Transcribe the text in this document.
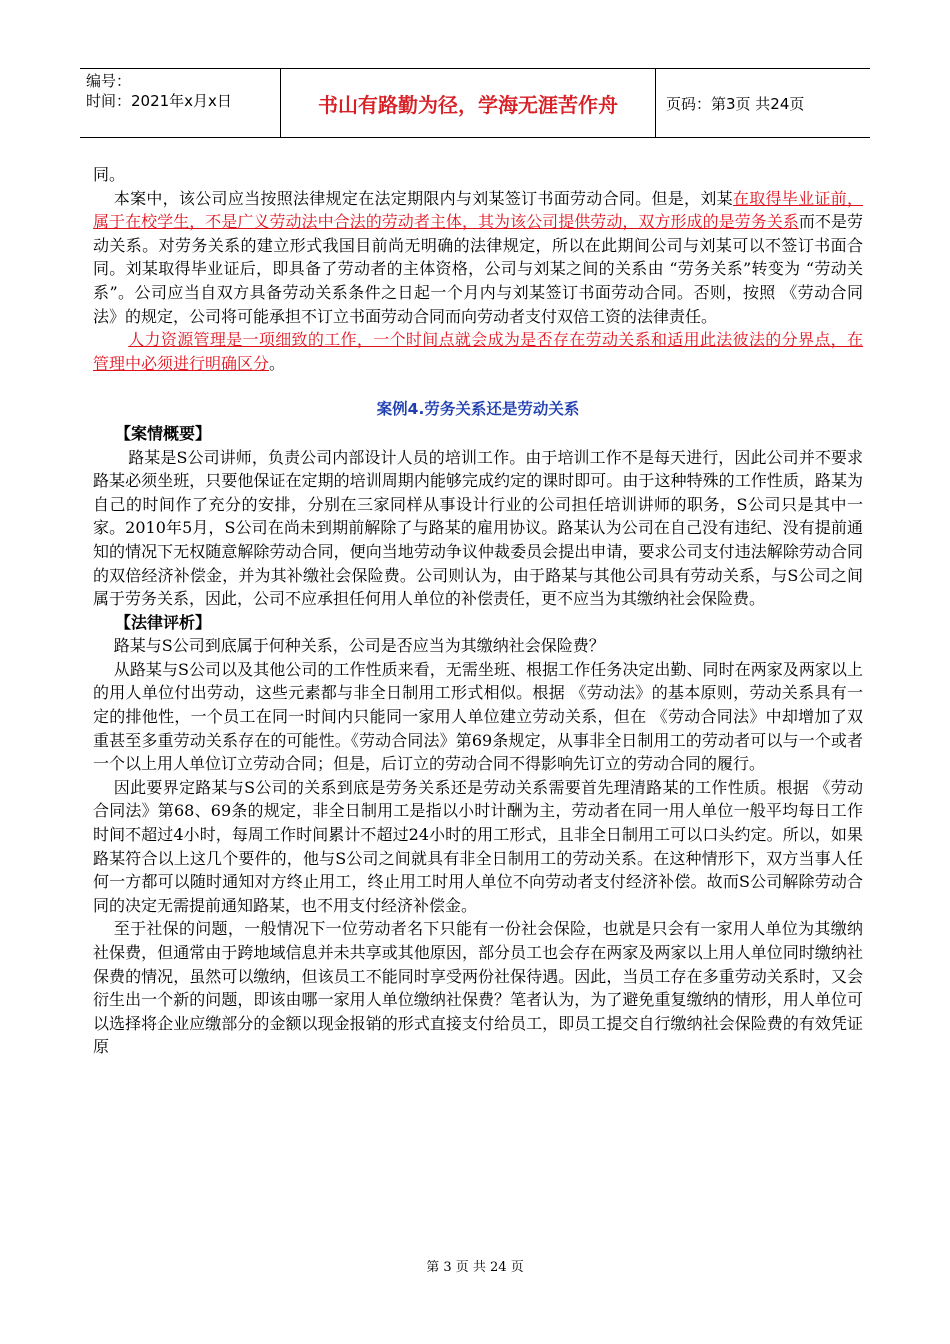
编号：
时间：2021年x月x日	书山有路勤为径，学海无涯苦作舟	页码：第3页 共24页

同。

本案中，该公司应当按照法律规定在法定期限内与刘某签订书面劳动合同。但是，刘某在取得毕业证前，属于在校学生，不是广义劳动法中合法的劳动者主体，其为该公司提供劳动，双方形成的是劳务关系而不是劳动关系。对劳务关系的建立形式我国目前尚无明确的法律规定，所以在此期间公司与刘某可以不签订书面合同。刘某取得毕业证后，即具备了劳动者的主体资格，公司与刘某之间的关系由 “劳务关系”转变为 “劳动关系”。公司应当自双方具备劳动关系条件之日起一个月内与刘某签订书面劳动合同。否则，按照 《劳动合同法》的规定，公司将可能承担不订立书面劳动合同而向劳动者支付双倍工资的法律责任。

人力资源管理是一项细致的工作，一个时间点就会成为是否存在劳动关系和适用此法彼法的分界点，在管理中必须进行明确区分。

案例4.劳务关系还是劳动关系

【案情概要】

路某是S公司讲师，负责公司内部设计人员的培训工作。由于培训工作不是每天进行，因此公司并不要求路某必须坐班，只要他保证在定期的培训周期内能够完成约定的课时即可。由于这种特殊的工作性质，路某为自己的时间作了充分的安排，分别在三家同样从事设计行业的公司担任培训讲师的职务，S公司只是其中一家。2010年5月，S公司在尚未到期前解除了与路某的雇用协议。路某认为公司在自己没有违纪、没有提前通知的情况下无权随意解除劳动合同，便向当地劳动争议仲裁委员会提出申请，要求公司支付违法解除劳动合同的双倍经济补偿金，并为其补缴社会保险费。公司则认为，由于路某与其他公司具有劳动关系，与S公司之间属于劳务关系，因此，公司不应承担任何用人单位的补偿责任，更不应当为其缴纳社会保险费。

【法律评析】

路某与S公司到底属于何种关系，公司是否应当为其缴纳社会保险费？

从路某与S公司以及其他公司的工作性质来看，无需坐班、根据工作任务决定出勤、同时在两家及两家以上的用人单位付出劳动，这些元素都与非全日制用工形式相似。根据 《劳动法》的基本原则，劳动关系具有一定的排他性，一个员工在同一时间内只能同一家用人单位建立劳动关系，但在 《劳动合同法》中却增加了双重甚至多重劳动关系存在的可能性。《劳动合同法》第69条规定，从事非全日制用工的劳动者可以与一个或者一个以上用人单位订立劳动合同；但是，后订立的劳动合同不得影响先订立的劳动合同的履行。

因此要界定路某与S公司的关系到底是劳务关系还是劳动关系需要首先理清路某的工作性质。根据 《劳动合同法》第68、69条的规定，非全日制用工是指以小时计酬为主，劳动者在同一用人单位一般平均每日工作时间不超过4小时，每周工作时间累计不超过24小时的用工形式，且非全日制用工可以口头约定。所以，如果路某符合以上这几个要件的，他与S公司之间就具有非全日制用工的劳动关系。在这种情形下，双方当事人任何一方都可以随时通知对方终止用工，终止用工时用人单位不向劳动者支付经济补偿。故而S公司解除劳动合同的决定无需提前通知路某，也不用支付经济补偿金。

至于社保的问题，一般情况下一位劳动者名下只能有一份社会保险，也就是只会有一家用人单位为其缴纳社保费，但通常由于跨地域信息并未共享或其他原因，部分员工也会存在两家及两家以上用人单位同时缴纳社保费的情况，虽然可以缴纳，但该员工不能同时享受两份社保待遇。因此，当员工存在多重劳动关系时，又会衍生出一个新的问题，即该由哪一家用人单位缴纳社保费？笔者认为，为了避免重复缴纳的情形，用人单位可以选择将企业应缴部分的金额以现金报销的形式直接支付给员工，即员工提交自行缴纳社会保险费的有效凭证原

第 3 页 共 24 页
